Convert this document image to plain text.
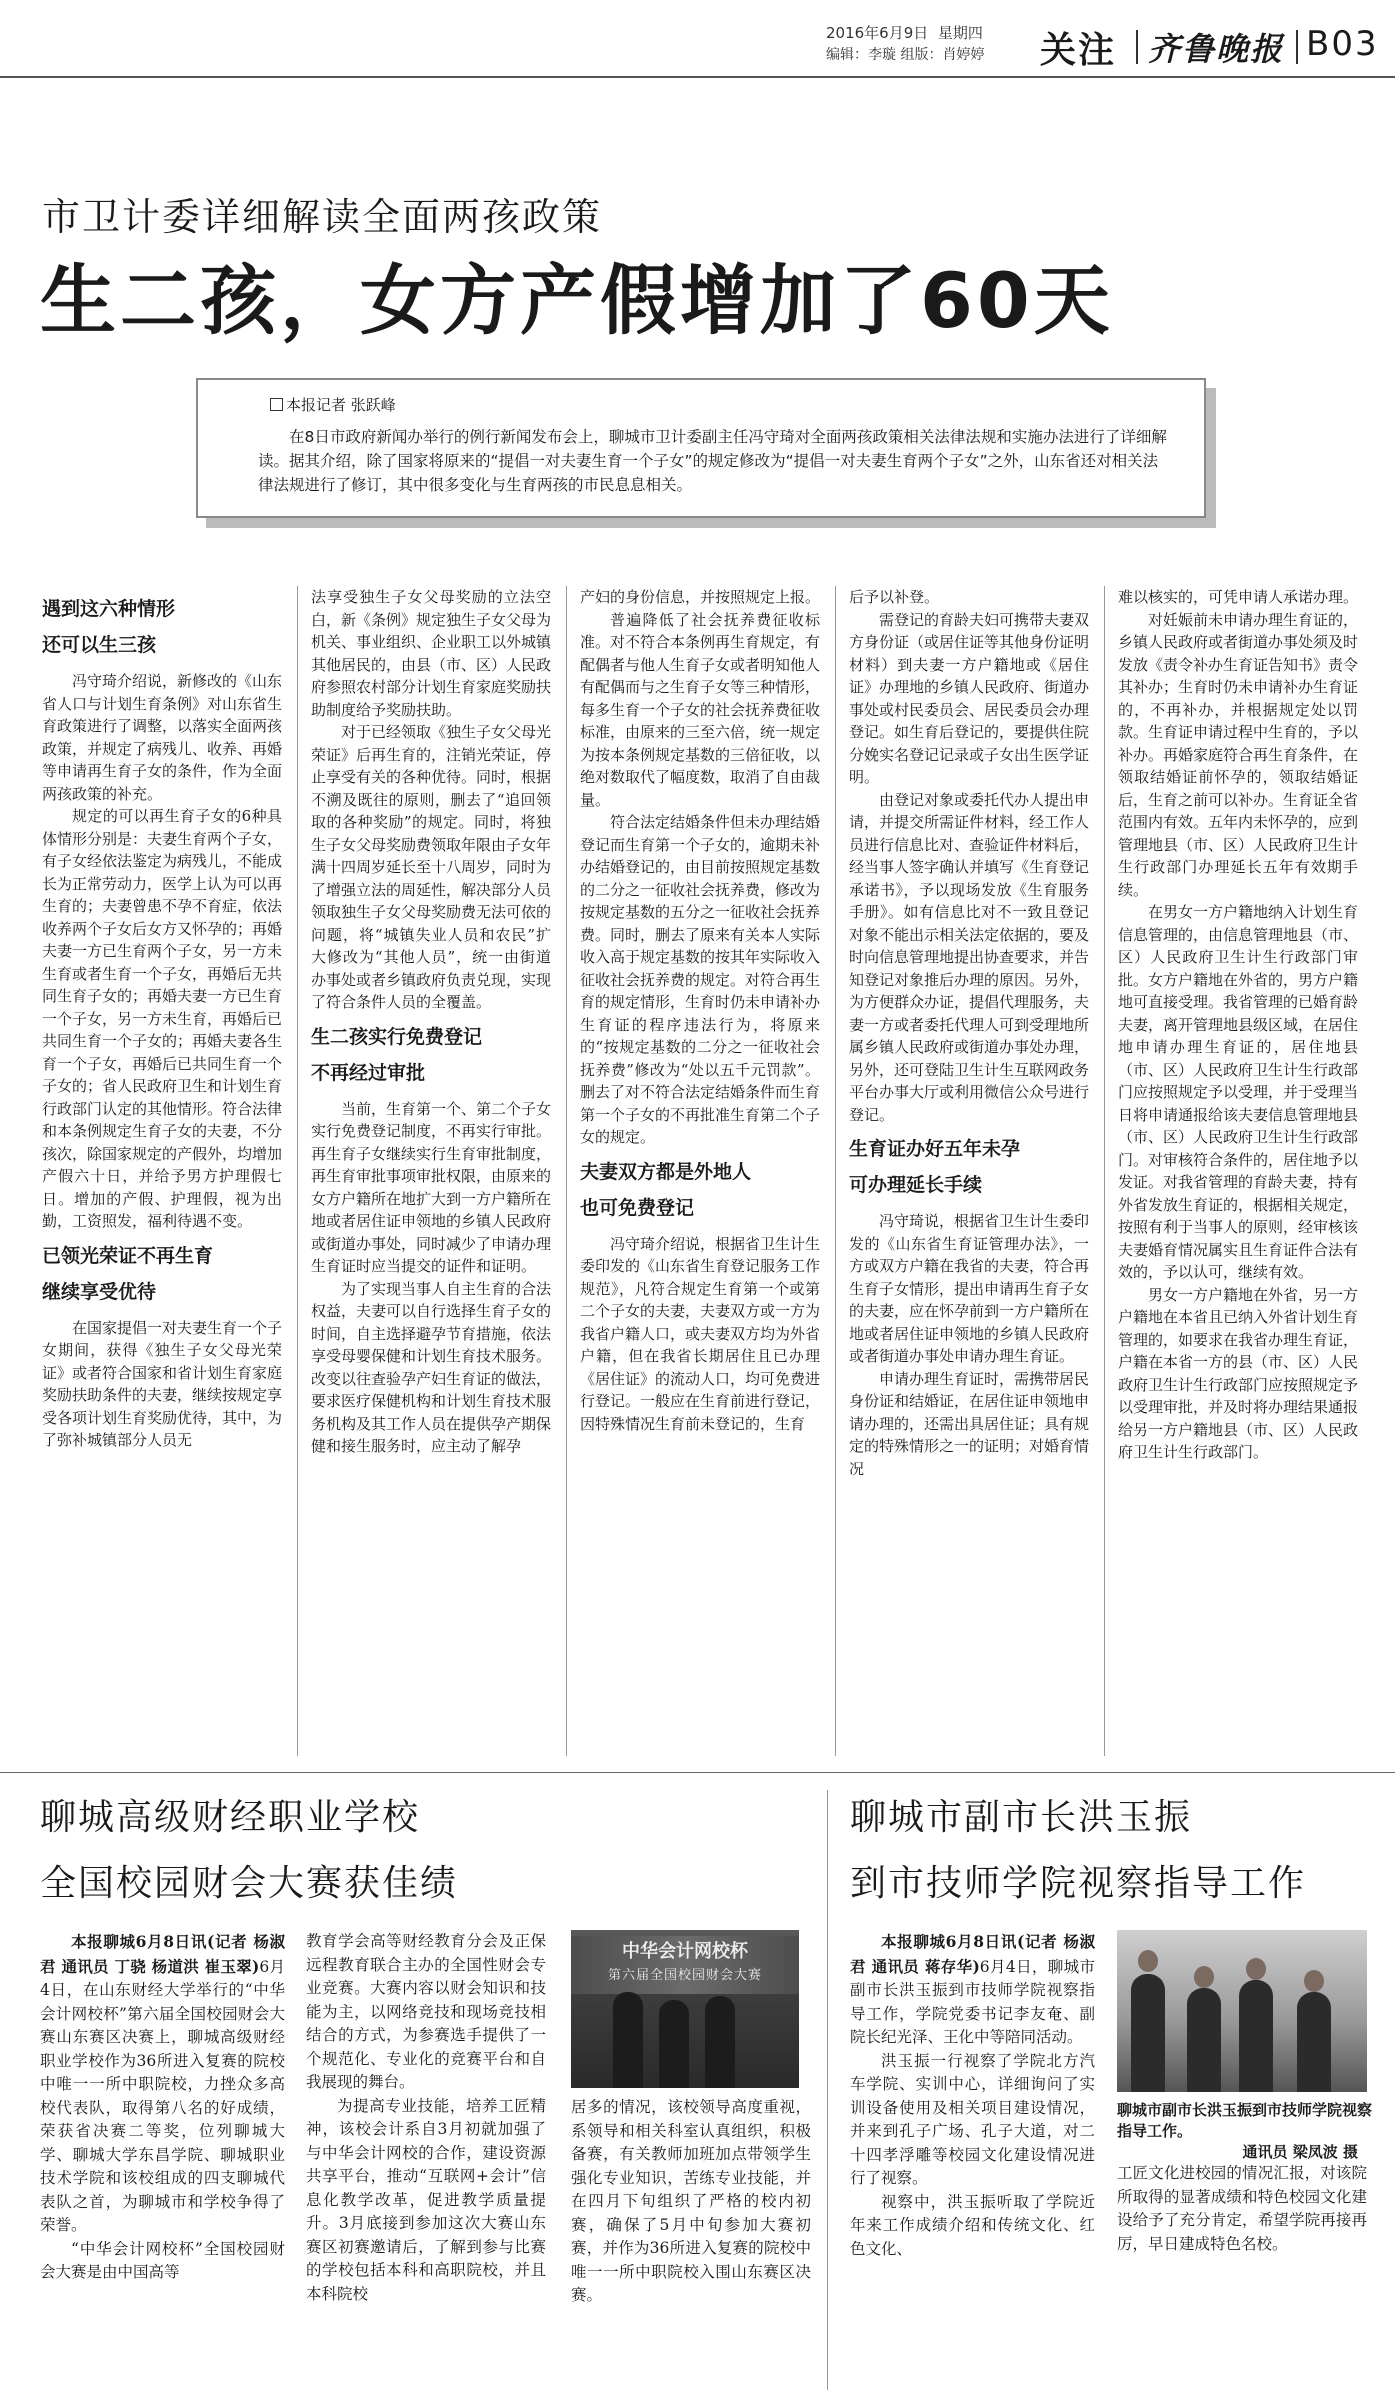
2016年6月9日 星期四
编辑：李璇 组版：肖婷婷 关注 齐鲁晚报 B03
市卫计委详细解读全面两孩政策
生二孩，女方产假增加了60天
本报记者 张跃峰

在8日市政府新闻办举行的例行新闻发布会上，聊城市卫计委副主任冯守琦对全面两孩政策相关法律法规和实施办法进行了详细解读。据其介绍，除了国家将原来的“提倡一对夫妻生育一个子女”的规定修改为“提倡一对夫妻生育两个子女”之外，山东省还对相关法律法规进行了修订，其中很多变化与生育两孩的市民息息相关。

遇到这六种情形

还可以生三孩

冯守琦介绍说，新修改的《山东省人口与计划生育条例》对山东省生育政策进行了调整，以落实全面两孩政策，并规定了病残儿、收养、再婚等申请再生育子女的条件，作为全面两孩政策的补充。

规定的可以再生育子女的6种具体情形分别是：夫妻生育两个子女，有子女经依法鉴定为病残儿，不能成长为正常劳动力，医学上认为可以再生育的；夫妻曾患不孕不育症，依法收养两个子女后女方又怀孕的；再婚夫妻一方已生育两个子女，另一方未生育或者生育一个子女，再婚后无共同生育子女的；再婚夫妻一方已生育一个子女，另一方未生育，再婚后已共同生育一个子女的；再婚夫妻各生育一个子女，再婚后已共同生育一个子女的；省人民政府卫生和计划生育行政部门认定的其他情形。符合法律和本条例规定生育子女的夫妻，不分孩次，除国家规定的产假外，均增加产假六十日，并给予男方护理假七日。增加的产假、护理假，视为出勤，工资照发，福利待遇不变。

已领光荣证不再生育

继续享受优待

在国家提倡一对夫妻生育一个子女期间，获得《独生子女父母光荣证》或者符合国家和省计划生育家庭奖励扶助条件的夫妻，继续按规定享受各项计划生育奖励优待，其中，为了弥补城镇部分人员无

法享受独生子女父母奖励的立法空白，新《条例》规定独生子女父母为机关、事业组织、企业职工以外城镇其他居民的，由县（市、区）人民政府参照农村部分计划生育家庭奖励扶助制度给予奖励扶助。

对于已经领取《独生子女父母光荣证》后再生育的，注销光荣证，停止享受有关的各种优待。同时，根据不溯及既往的原则，删去了“追回领取的各种奖励”的规定。同时，将独生子女父母奖励费领取年限由子女年满十四周岁延长至十八周岁，同时为了增强立法的周延性，解决部分人员领取独生子女父母奖励费无法可依的问题，将“城镇失业人员和农民”扩大修改为“其他人员”，统一由街道办事处或者乡镇政府负责兑现，实现了符合条件人员的全覆盖。

生二孩实行免费登记

不再经过审批

当前，生育第一个、第二个子女实行免费登记制度，不再实行审批。再生育子女继续实行生育审批制度，再生育审批事项审批权限，由原来的女方户籍所在地扩大到一方户籍所在地或者居住证申领地的乡镇人民政府或街道办事处，同时减少了申请办理生育证时应当提交的证件和证明。

为了实现当事人自主生育的合法权益，夫妻可以自行选择生育子女的时间，自主选择避孕节育措施，依法享受母婴保健和计划生育技术服务。改变以往查验孕产妇生育证的做法，要求医疗保健机构和计划生育技术服务机构及其工作人员在提供孕产期保健和接生服务时，应主动了解孕

产妇的身份信息，并按照规定上报。

普遍降低了社会抚养费征收标准。对不符合本条例再生育规定，有配偶者与他人生育子女或者明知他人有配偶而与之生育子女等三种情形，每多生育一个子女的社会抚养费征收标准，由原来的三至六倍，统一规定为按本条例规定基数的三倍征收，以绝对数取代了幅度数，取消了自由裁量。

符合法定结婚条件但未办理结婚登记而生育第一个子女的，逾期未补办结婚登记的，由目前按照规定基数的二分之一征收社会抚养费，修改为按规定基数的五分之一征收社会抚养费。同时，删去了原来有关本人实际收入高于规定基数的按其年实际收入征收社会抚养费的规定。对符合再生育的规定情形，生育时仍未申请补办生育证的程序违法行为，将原来的“按规定基数的二分之一征收社会抚养费”修改为“处以五千元罚款”。删去了对不符合法定结婚条件而生育第一个子女的不再批准生育第二个子女的规定。

夫妻双方都是外地人

也可免费登记

冯守琦介绍说，根据省卫生计生委印发的《山东省生育登记服务工作规范》，凡符合规定生育第一个或第二个子女的夫妻，夫妻双方或一方为我省户籍人口，或夫妻双方均为外省户籍，但在我省长期居住且已办理《居住证》的流动人口，均可免费进行登记。一般应在生育前进行登记，因特殊情况生育前未登记的，生育

后予以补登。

需登记的育龄夫妇可携带夫妻双方身份证（或居住证等其他身份证明材料）到夫妻一方户籍地或《居住证》办理地的乡镇人民政府、街道办事处或村民委员会、居民委员会办理登记。如生育后登记的，要提供住院分娩实名登记记录或子女出生医学证明。

由登记对象或委托代办人提出申请，并提交所需证件材料，经工作人员进行信息比对、查验证件材料后，经当事人签字确认并填写《生育登记承诺书》，予以现场发放《生育服务手册》。如有信息比对不一致且登记对象不能出示相关法定依据的，要及时向信息管理地提出协查要求，并告知登记对象推后办理的原因。另外，为方便群众办证，提倡代理服务，夫妻一方或者委托代理人可到受理地所属乡镇人民政府或街道办事处办理，另外，还可登陆卫生计生互联网政务平台办事大厅或利用微信公众号进行登记。

生育证办好五年未孕

可办理延长手续

冯守琦说，根据省卫生计生委印发的《山东省生育证管理办法》，一方或双方户籍在我省的夫妻，符合再生育子女情形，提出申请再生育子女的夫妻，应在怀孕前到一方户籍所在地或者居住证申领地的乡镇人民政府或者街道办事处申请办理生育证。

申请办理生育证时，需携带居民身份证和结婚证，在居住证申领地申请办理的，还需出具居住证；具有规定的特殊情形之一的证明；对婚育情况

难以核实的，可凭申请人承诺办理。

对妊娠前未申请办理生育证的，乡镇人民政府或者街道办事处须及时发放《责令补办生育证告知书》责令其补办；生育时仍未申请补办生育证的，不再补办，并根据规定处以罚款。生育证申请过程中生育的，予以补办。再婚家庭符合再生育条件，在领取结婚证前怀孕的，领取结婚证后，生育之前可以补办。生育证全省范围内有效。五年内未怀孕的，应到管理地县（市、区）人民政府卫生计生行政部门办理延长五年有效期手续。

在男女一方户籍地纳入计划生育信息管理的，由信息管理地县（市、区）人民政府卫生计生行政部门审批。女方户籍地在外省的，男方户籍地可直接受理。我省管理的已婚育龄夫妻，离开管理地县级区域，在居住地申请办理生育证的，居住地县（市、区）人民政府卫生计生行政部门应按照规定予以受理，并于受理当日将申请通报给该夫妻信息管理地县（市、区）人民政府卫生计生行政部门。对审核符合条件的，居住地予以发证。对我省管理的育龄夫妻，持有外省发放生育证的，根据相关规定，按照有利于当事人的原则，经审核该夫妻婚育情况属实且生育证件合法有效的，予以认可，继续有效。

男女一方户籍地在外省，另一方户籍地在本省且已纳入外省计划生育管理的，如要求在我省办理生育证，户籍在本省一方的县（市、区）人民政府卫生计生行政部门应按照规定予以受理审批，并及时将办理结果通报给另一方户籍地县（市、区）人民政府卫生计生行政部门。

聊城高级财经职业学校
全国校园财会大赛获佳绩

本报聊城6月8日讯(记者 杨淑君 通讯员 丁骁 杨道洪 崔玉翠)6月4日，在山东财经大学举行的“中华会计网校杯”第六届全国校园财会大赛山东赛区决赛上，聊城高级财经职业学校作为36所进入复赛的院校中唯一一所中职院校，力挫众多高校代表队，取得第八名的好成绩，荣获省决赛二等奖，位列聊城大学、聊城大学东昌学院、聊城职业技术学院和该校组成的四支聊城代表队之首，为聊城市和学校争得了荣誉。

“中华会计网校杯”全国校园财会大赛是由中国高等

教育学会高等财经教育分会及正保远程教育联合主办的全国性财会专业竞赛。大赛内容以财会知识和技能为主，以网络竞技和现场竞技相结合的方式，为参赛选手提供了一个规范化、专业化的竞赛平台和自我展现的舞台。

为提高专业技能，培养工匠精神，该校会计系自3月初就加强了与中华会计网校的合作，建设资源共享平台，推动“互联网+会计”信息化教学改革，促进教学质量提升。3月底接到参加这次大赛山东赛区初赛邀请后，了解到参与比赛的学校包括本科和高职院校，并且本科院校

中华会计网校杯
第六届全国校园财会大赛

居多的情况，该校领导高度重视，系领导和相关科室认真组织，积极备赛，有关教师加班加点带领学生强化专业知识，苦练专业技能，并在四月下旬组织了严格的校内初赛，确保了5月中旬参加大赛初赛，并作为36所进入复赛的院校中唯一一所中职院校入围山东赛区决赛。

聊城市副市长洪玉振
到市技师学院视察指导工作

本报聊城6月8日讯(记者 杨淑君 通讯员 蒋存华)6月4日，聊城市副市长洪玉振到市技师学院视察指导工作，学院党委书记李友奄、副院长纪光泽、王化中等陪同活动。

洪玉振一行视察了学院北方汽车学院、实训中心，详细询问了实训设备使用及相关项目建设情况，并来到孔子广场、孔子大道，对二十四孝浮雕等校园文化建设情况进行了视察。

视察中，洪玉振听取了学院近年来工作成绩介绍和传统文化、红色文化、

聊城市副市长洪玉振到市技师学院视察指导工作。
通讯员 梁凤波 摄

工匠文化进校园的情况汇报，对该院所取得的显著成绩和特色校园文化建设给予了充分肯定，希望学院再接再厉，早日建成特色名校。
